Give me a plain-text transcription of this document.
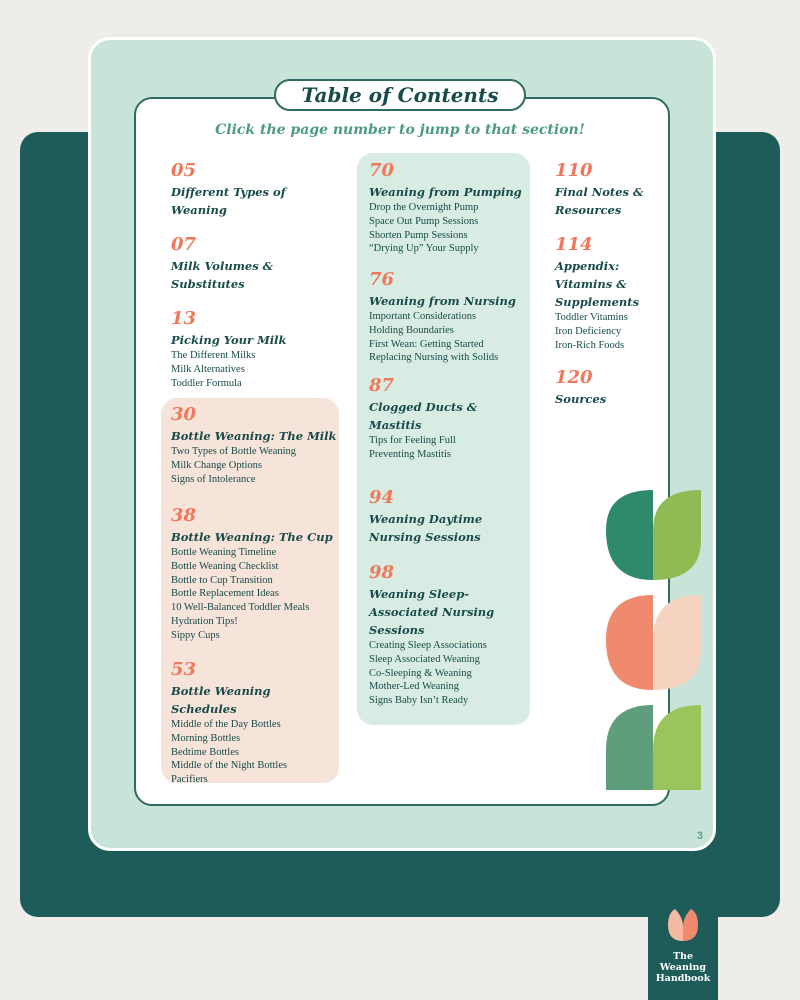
Table of Contents
Click the page number to jump to that section!
05
Different Types of Weaning
07
Milk Volumes & Substitutes
13
Picking Your Milk
The Different Milks
Milk Alternatives
Toddler Formula
30
Bottle Weaning: The Milk
Two Types of Bottle Weaning
Milk Change Options
Signs of Intolerance
38
Bottle Weaning: The Cup
Bottle Weaning Timeline
Bottle Weaning Checklist
Bottle to Cup Transition
Bottle Replacement Ideas
10 Well-Balanced Toddler Meals
Hydration Tips!
Sippy Cups
53
Bottle Weaning Schedules
Middle of the Day Bottles
Morning Bottles
Bedtime Bottles
Middle of the Night Bottles
Pacifiers
70
Weaning from Pumping
Drop the Overnight Pump
Space Out Pump Sessions
Shorten Pump Sessions
“Drying Up” Your Supply
76
Weaning from Nursing
Important Considerations
Holding Boundaries
First Wean: Getting Started
Replacing Nursing with Solids
87
Clogged Ducts & Mastitis
Tips for Feeling Full
Preventing Mastitis
94
Weaning Daytime Nursing Sessions
98
Weaning Sleep-Associated Nursing Sessions
Creating Sleep Associations
Sleep Associated Weaning
Co-Sleeping & Weaning
Mother-Led Weaning
Signs Baby Isn’t Ready
110
Final Notes & Resources
114
Appendix: Vitamins & Supplements
Toddler Vitamins
Iron Deficiency
Iron-Rich Foods
120
Sources
3
The
Weaning
Handbook
